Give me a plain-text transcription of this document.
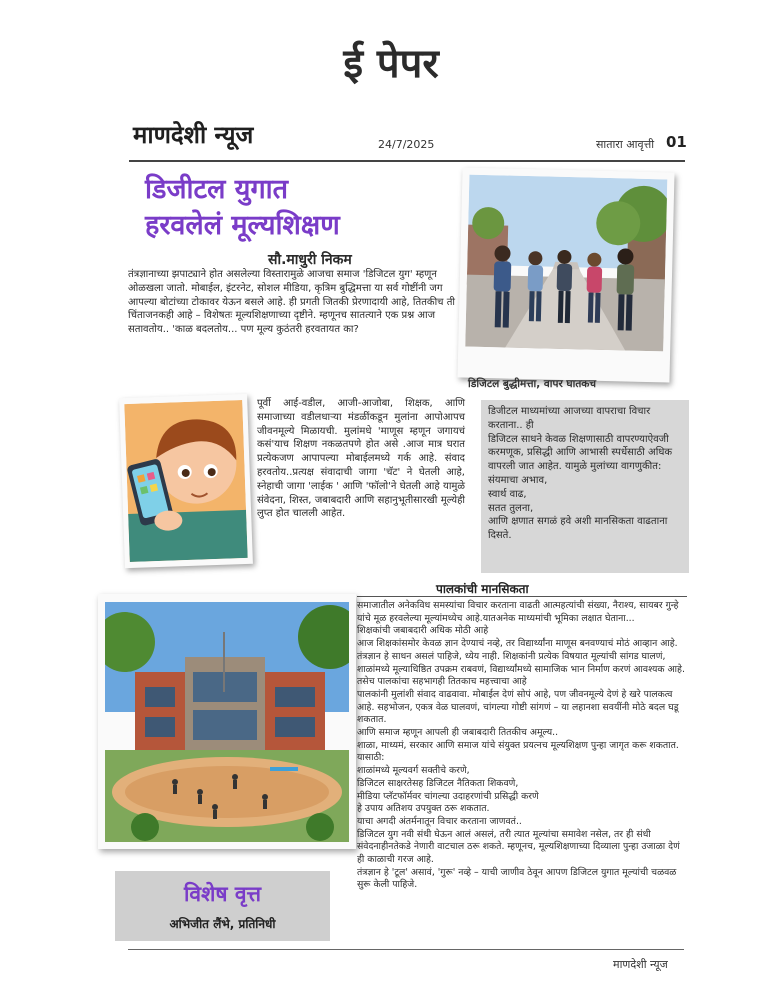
ई पेपर
माणदेशी न्यूज	24/7/2025	सातारा आवृत्ती 01
डिजीटल युगात
हरवलेलं मूल्यशिक्षण
सौ.माधुरी निकम
तंत्रज्ञानाच्या झपाट्याने होत असलेल्या विस्तारामुळे आजचा समाज 'डिजिटल युग' म्हणून ओळखला जातो. मोबाईल, इंटरनेट, सोशल मीडिया, कृत्रिम बुद्धिमत्ता या सर्व गोष्टींनी जग आपल्या बोटांच्या टोकावर येऊन बसले आहे. ही प्रगती जितकी प्रेरणादायी आहे, तितकीच ती चिंताजनकही आहे – विशेषतः मूल्यशिक्षणाच्या दृष्टीने. म्हणूनच सातत्याने एक प्रश्न आज सतावतोय.. 'काळ बदलतोय... पण मूल्य कुठंतरी हरवतायत का?
डिजिटल बुद्धीमत्ता, वापर घातकच
पूर्वी आई-वडील, आजी-आजोबा, शिक्षक, आणि समाजाच्या वडीलधाऱ्या मंडळींकडून मुलांना आपोआपच जीवनमूल्ये मिळायची. मुलांमधे 'माणूस म्हणून जगायचं कसं'याच शिक्षण नकळतपणे होत असे .आज मात्र घरात प्रत्येकजण आपापल्या मोबाईलमध्ये गर्क आहे. संवाद हरवतोय..प्रत्यक्ष संवादाची जागा 'चॅट' ने घेतली आहे, स्नेहाची जागा 'लाईक ' आणि 'फॉलो'ने घेतली आहे यामुळे संवेदना, शिस्त, जबाबदारी आणि सहानुभूतीसारखी मूल्येही लुप्त होत चालली आहेत.
डिजीटल माध्यमांच्या आजच्या वापराचा विचार करताना.. ही
डिजिटल साधने केवळ शिक्षणासाठी वापरण्याऐवजी करमणूक, प्रसिद्धी आणि आभासी स्पर्धेसाठी अधिक वापरली जात आहेत. यामुळे मुलांच्या वागणुकीत:
संयमाचा अभाव,
स्वार्थ वाढ,
सतत तुलना,
आणि क्षणात सगळं हवे अशी मानसिकता वाढताना दिसते.
पालकांची मानसिकता
समाजातील अनेकविध समस्यांचा विचार करताना वाढती आत्महत्यांची संख्या, नैराश्य, सायबर गुन्हे यांचे मूळ हरवलेल्या मूल्यांमध्येच आहे.यातअनेक माध्यमांची भूमिका लक्षात घेताना...
शिक्षकांची जबाबदारी अधिक मोठी आहे
आज शिक्षकांसमोर केवळ ज्ञान देण्याचं नव्हे, तर विद्यार्थ्यांना माणूस बनवण्याचं मोठं आव्हान आहे. तंत्रज्ञान हे साधन असलं पाहिजे, ध्येय नाही. शिक्षकांनी प्रत्येक विषयात मूल्यांची सांगड घालणं, शाळांमध्ये मूल्याधिष्ठित उपक्रम राबवणं, विद्यार्थ्यांमध्ये सामाजिक भान निर्माण करणं आवश्यक आहे.
तसेच पालकांचा सहभागही तितकाच महत्त्वाचा आहे
पालकांनी मुलांशी संवाद वाढवावा. मोबाईल देणं सोपं आहे, पण जीवनमूल्ये देणं हे खरे पालकत्व आहे. सहभोजन, एकत्र वेळ घालवणं, चांगल्या गोष्टी सांगणं – या लहानशा सवयींनी मोठे बदल घडू शकतात.
आणि समाज म्हणून आपली ही जबाबदारी तितकीच अमूल्य..
शाळा, माध्यमं, सरकार आणि समाज यांचे संयुक्त प्रयत्नच मूल्यशिक्षण पुन्हा जागृत करू शकतात. यासाठी:
शाळांमध्ये मूल्यवर्ग सक्तीचे करणे,
डिजिटल साक्षरतेसह डिजिटल नैतिकता शिकवणे,
मीडिया प्लॅटफॉर्मवर चांगल्या उदाहरणांची प्रसिद्धी करणे
हे उपाय अतिशय उपयुक्त ठरू शकतात.
याचा अगदी अंतर्मनातून विचार करताना जाणवतं..
डिजिटल युग नवी संधी घेऊन आलं असलं, तरी त्यात मूल्यांचा समावेश नसेल, तर ही संधी संवेदनाहीनतेकडे नेणारी वाटचाल ठरू शकते. म्हणूनच, मूल्यशिक्षणाच्या दिव्याला पुन्हा उजाळा देणं ही काळाची गरज आहे.
तंत्रज्ञान हे 'टूल' असावं, 'गुरू' नव्हे – याची जाणीव ठेवून आपण डिजिटल युगात मूल्यांची चळवळ सुरू केली पाहिजे.
विशेष वृत्त
अभिजीत लैंभे, प्रतिनिधी
माणदेशी न्यूज
